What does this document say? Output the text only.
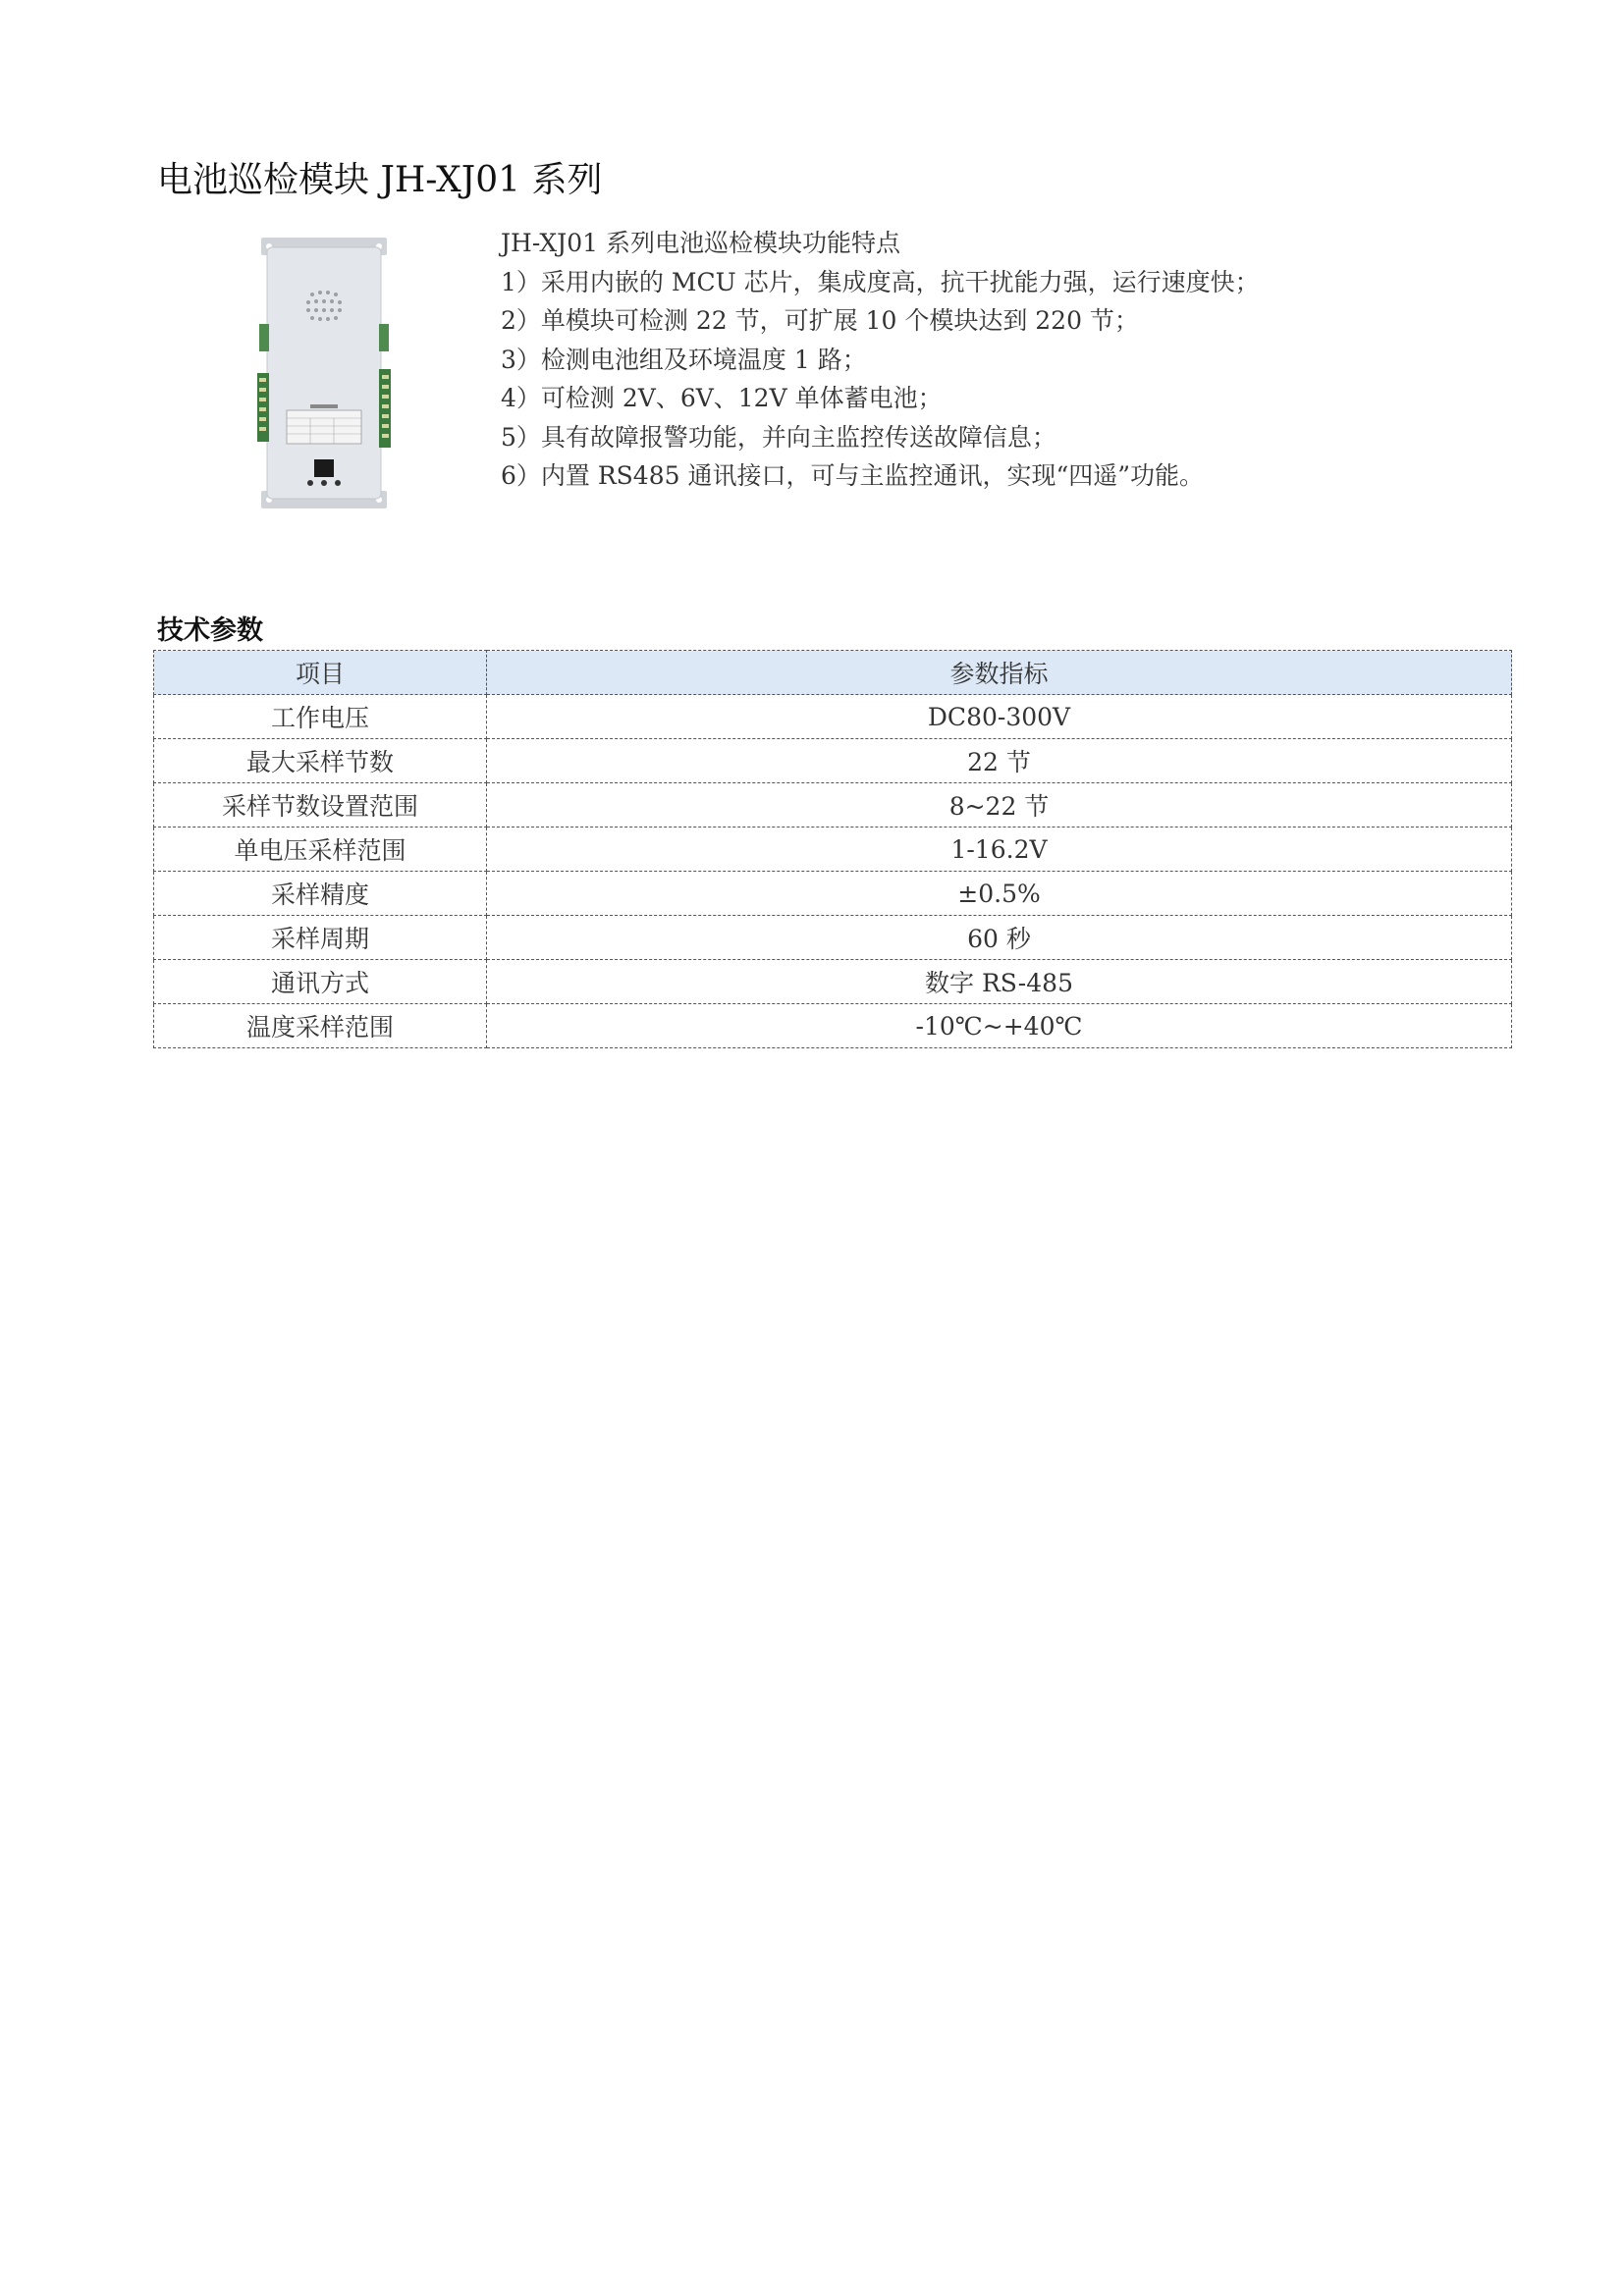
电池巡检模块 JH-XJ01 系列
JH-XJ01 系列电池巡检模块功能特点
1）采用内嵌的 MCU 芯片，集成度高，抗干扰能力强，运行速度快；
2）单模块可检测 22 节，可扩展 10 个模块达到 220 节；
3）检测电池组及环境温度 1 路；
4）可检测 2V、6V、12V 单体蓄电池；
5）具有故障报警功能，并向主监控传送故障信息；
6）内置 RS485 通讯接口，可与主监控通讯，实现“四遥”功能。
技术参数
项目	参数指标
工作电压	DC80-300V
最大采样节数	22 节
采样节数设置范围	8~22 节
单电压采样范围	1-16.2V
采样精度	±0.5%
采样周期	60 秒
通讯方式	数字 RS-485
温度采样范围	-10℃~+40℃
